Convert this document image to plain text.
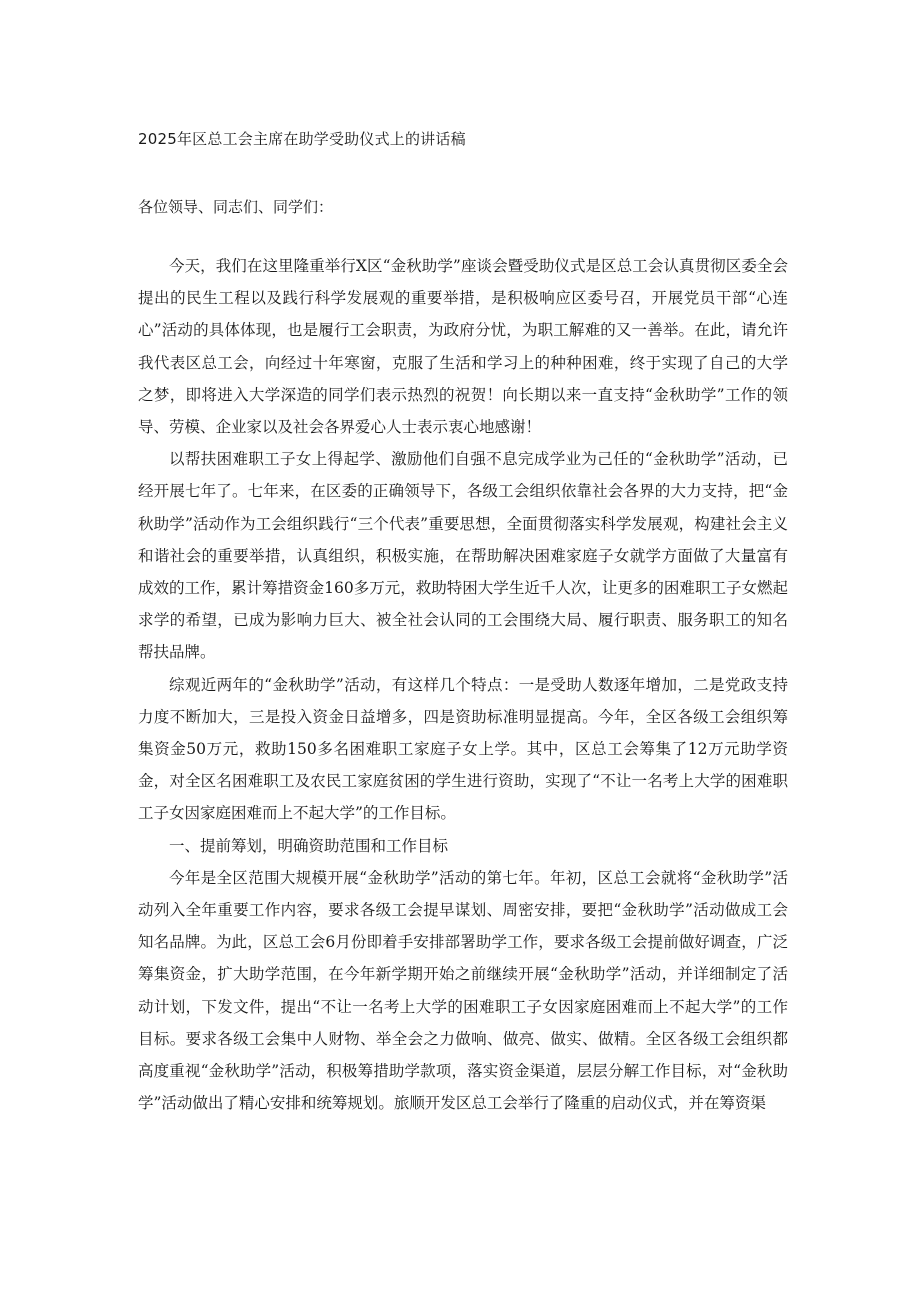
2025年区总工会主席在助学受助仪式上的讲话稿
各位领导、同志们、同学们：

今天，我们在这里隆重举行X区“金秋助学”座谈会暨受助仪式是区总工会认真贯彻区委全会提出的民生工程以及践行科学发展观的重要举措，是积极响应区委号召，开展党员干部“心连心”活动的具体体现，也是履行工会职责，为政府分忧，为职工解难的又一善举。在此，请允许我代表区总工会，向经过十年寒窗，克服了生活和学习上的种种困难，终于实现了自己的大学之梦，即将进入大学深造的同学们表示热烈的祝贺！向长期以来一直支持“金秋助学”工作的领导、劳模、企业家以及社会各界爱心人士表示衷心地感谢！

以帮扶困难职工子女上得起学、激励他们自强不息完成学业为己任的“金秋助学”活动，已经开展七年了。七年来，在区委的正确领导下，各级工会组织依靠社会各界的大力支持，把“金秋助学”活动作为工会组织践行“三个代表”重要思想，全面贯彻落实科学发展观，构建社会主义和谐社会的重要举措，认真组织，积极实施，在帮助解决困难家庭子女就学方面做了大量富有成效的工作，累计筹措资金160多万元，救助特困大学生近千人次，让更多的困难职工子女燃起求学的希望，已成为影响力巨大、被全社会认同的工会围绕大局、履行职责、服务职工的知名帮扶品牌。

综观近两年的“金秋助学”活动，有这样几个特点：一是受助人数逐年增加，二是党政支持力度不断加大，三是投入资金日益增多，四是资助标准明显提高。今年，全区各级工会组织筹集资金50万元，救助150多名困难职工家庭子女上学。其中，区总工会筹集了12万元助学资金，对全区名困难职工及农民工家庭贫困的学生进行资助，实现了“不让一名考上大学的困难职工子女因家庭困难而上不起大学”的工作目标。

一、提前筹划，明确资助范围和工作目标

今年是全区范围大规模开展“金秋助学”活动的第七年。年初，区总工会就将“金秋助学”活动列入全年重要工作内容，要求各级工会提早谋划、周密安排，要把“金秋助学”活动做成工会知名品牌。为此，区总工会6月份即着手安排部署助学工作，要求各级工会提前做好调查，广泛筹集资金，扩大助学范围，在今年新学期开始之前继续开展“金秋助学”活动，并详细制定了活动计划，下发文件，提出“不让一名考上大学的困难职工子女因家庭困难而上不起大学”的工作目标。要求各级工会集中人财物、举全会之力做响、做亮、做实、做精。全区各级工会组织都高度重视“金秋助学”活动，积极筹措助学款项，落实资金渠道，层层分解工作目标，对“金秋助学”活动做出了精心安排和统筹规划。旅顺开发区总工会举行了隆重的启动仪式，并在筹资渠
